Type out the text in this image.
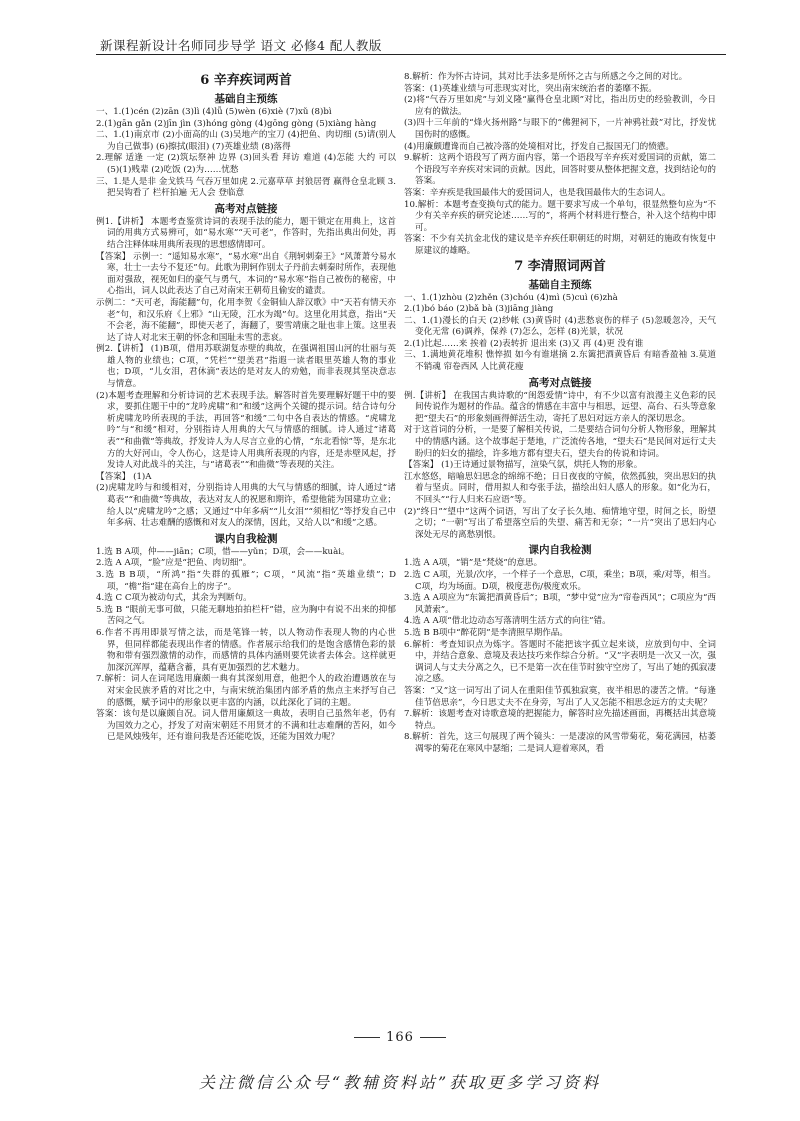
新课程新设计名师同步导学 语文 必修4 配人教版
6 辛弃疾词两首
基础自主预练
一、1.(1)cén (2)zān (3)lì (4)lǚ (5)wèn (6)xiè (7)xǔ (8)bì
2.(1)gān gǎn (2)jīn jìn (3)hóng gòng (4)gōng gòng (5)xiàng hàng
二、1.(1)南京市 (2)小面高的山 (3)吴地产的宝刀 (4)把鱼、肉切细 (5)请(别人为自己做事) (6)擦拭(眼泪) (7)英雄业绩 (8)落得
2.理解 适逢 一定 (2)筑坛祭神 边界 (3)回头看 拜访 难道 (4)怎能 大约 可以 (5)(1)贱辈 (2)吃饭 (2)为……忧愁
三、1.是人是非 金戈铁马 气吞万里如虎 2.元嘉草草 封狼居胥 赢得仓皇北顾 3.把吴钩看了 栏杆拍遍 无人会 登临意
高考对点链接
例1.【讲析】 本题考查鉴赏诗词的表现手法的能力，题干锁定在用典上，这首词的用典方式易辨可，如“易水寒”“天可老”，作答时，先指出典出何处，再结合注释体味用典所表现的思想感情即可。
【答案】 示例一：“遥知易水寒”，“易水寒”出自《荆轲刺秦王》“风萧萧兮易水寒，壮士一去兮不复还”句。此歌为荆轲作别太子丹前去刺秦时所作，表现他面对强敌，视死如归的豪气与勇气，本词的“易水寒”指自己被伤的秘密，中心指出，词人以此表达了自己对南宋王朝苟且偷安的谴责。
示例二：“天可老，海能翻”句，化用李贺《金铜仙人辞汉歌》中“天若有情天亦老”句，和汉乐府《上邪》“山无陵，江水为竭”句。这里化用其意，指出“天不会老，海不能翻”，即使天老了，海翻了，要雪靖康之耻也非上策。这里表达了诗人对北宋王朝的怀念和国耻未雪的悲哀。
例2.【讲析】 (1)B项，借用苏联湖复赤壁的典故，在强调祖国山河的壮丽与英雄人物的业绩也；C项，“凭栏”“望美君”指遐一读者眼里英雄人物的事业也；D项，“儿女泪，君休滴”表达的是对友人的劝勉，而非表现其坚决意志与情意。
(2)本题考查理解和分析诗词的艺术表现手法。解答时首先要理解好题干中的要求，要抓住题干中的“龙吟虎啸”和“和缓”这两个关键的提示词。结合诗句分析虎啸龙吟所表现的手法，再回答“和缓”二句中各自表达的情感。“虎啸龙吟”与“和缓”相对，分别指诗人用典的大气与情感的细腻。诗人通过“诸葛表”“和曲微”等典故，抒发诗人为人尽言立业的心情，“东北看惊”等，是东北方的大好河山，令人伤心，这是诗人用典所表现的内容，还是赤壁风起，抒发诗人对此战斗的关注，与“诸葛表”“和曲微”等表现的关注。
【答案】 (1)A
(2)虎啸龙吟与和缓相对，分别指诗人用典的大气与情感的细腻，诗人通过“诸葛表”“和曲微”等典故，表达对友人的祝愿和期许，希望他能为国建功立业；给人以“虎啸龙吟”之感；又通过“中年多病”“儿女泪”“须相忆”等抒发自己中年多病、壮志难酬的感慨和对友人的深情，因此，又给人以“和缓”之感。
课内自我检测
1.选 B A项，仲——jiān；C项，惜——yǔn；D项，会——kuài。
2.选 A A项，“脸”应是“把鱼、肉切细”。
3.选 B B项，“所鸿”指“失群的孤雁”；C项，“风流”指“英雄业绩”；D项，“檐”指“建在高台上的房子”。
4.选 C C项为被动句式，其余为判断句。
5.选 B “眼前无事可做，只能无聊地拍拍栏杆”错，应为胸中有说不出来的抑郁苦闷之气。
6.作者不再用即景写情之法，而是笔锋一转，以人物动作表现人物的内心世界，但同样都能表现出作者的情感。作者展示给我们的是饱含感情色彩的景物和带有强烈激情的动作，而感情的具体内涵则要凭读者去体会。这样就更加深沉浑厚，蕴藉含蓄，具有更加强烈的艺术魅力。
7.解析：词人在词尾选用廉颇一典有其深刻用意，他把个人的政治遭遇放在与对宋金民族矛盾的对比之中，与南宋统治集团内部矛盾的焦点主来抒写自己的感慨，赋予词中的形象以更丰富的内涵，以此深化了词的主题。
答案：该句是以廉颇自况。词人借用廉颇这一典故，表明自己虽然年老，仍有为国效力之心，抒发了对南宋朝廷不用贤才的不满和壮志难酬的苦闷，如今已是风烛残年，还有谁问我是否还能吃饭，还能为国效力呢？
8.解析：作为怀古诗词，其对比手法多是所怀之古与所感之今之间的对比。
答案：(1)英雄业绩与可悲现实对比，突出南宋统治者的萎靡不振。
(2)将“气吞万里如虎”与刘义隆“赢得仓皇北顾”对比，指出历史的经验教训，今日应有的做法。
(3)四十三年前的“烽火扬州路”与眼下的“佛狸祠下，一片神鸦社鼓”对比，抒发忧国伤时的感慨。
(4)用廉颇遭谗而自己被冷落的处境相对比，抒发自己报国无门的愤懑。
9.解析：这两个语段写了两方面内容，第一个语段写辛弃疾对爱国词的贡献，第二个语段写辛弃疾对宋词的贡献。因此，回答时要从整体把握文意，找到结论句的答案。
答案：辛弃疾是我国最伟大的爱国词人，也是我国最伟大的生态词人。
10.解析：本题考查变换句式的能力。题干要求写成一个单句，很显然整句应为“不少有关辛弃疾的研究论述……写的”，将两个材料进行整合，补入这个结构中即可。
答案：不少有关抗金北伐的建议是辛弃疾任职朝廷的时期，对朝廷的施政有恢复中原建议的雄略。
7 李清照词两首
基础自主预练
一、1.(1)zhòu (2)zhěn (3)chóu (4)mì (5)cuì (6)zhà
2.(1)bó báo (2)bǎ bà (3)jiāng jiàng
二、1.(1)漫长的白天 (2)纱帐 (3)黄昏时 (4)悲愁哀伤的样子 (5)忽暖忽冷，天气变化无常 (6)调养，保养 (7)怎么，怎样 (8)光景，状况
2.(1)比起……来 挨着 (2)表转折 退出来 (3)又 再 (4)更 没有谁
三、1.满地黄花堆积 憔悴损 如今有谁堪摘 2.东篱把酒黄昏后 有暗香盈袖 3.莫道不销魂 帘卷西风 人比黄花瘦
高考对点链接
例.【讲析】 在我国古典诗歌的“闺怨爱情”诗中，有不少以富有浪漫主义色彩的民间传说作为题材的作品。蕴含的情感在丰富中与相思，远望、高台、石头等意象把“望夫石”的形象刻画得鲜活生动，寄托了思妇对远方亲人的深切思念。
对于这首词的分析，一是要了解相关传说，二是要结合词句分析人物形象，理解其中的情感内涵。这个故事起于楚地，广泛流传各地，“望夫石”是民间对远行丈夫盼归的妇女的描绘，许多地方都有望夫石，望夫台的传说和诗词。
【答案】 (1)王诗通过景物描写，渲染气氛，烘托人物的形象。
江水悠悠，暗喻思妇思念的绵绵不绝；日日夜夜的守候，依然孤独，突出思妇的执着与坚贞。同时，借用拟人和夸张手法，描绘出妇人感人的形象。如“化为石，不回头”“行人归来石应语”等。
(2)“终日”“望中”这两个词语，写出了女子长久地、痴情地守望，时间之长，盼望之切；“一朝”写出了希望落空后的失望、痛苦和无奈；“一片”突出了思妇内心深处无尽的离愁别恨。
课内自我检测
1.选 A A项，“销”是“梵烧”的意思。
2.选 C A项，光景/次序，一个样子一个意思，C项，乘坐；B项，乘/对等，相当。C项，均为场面。D项，极度悲伤/极度欢乐。
3.选 A A项应为“东篱把酒黄昏后”；B项，“梦中觉”应为“帘卷西风”；C项应为“西风萧索”。
4.选 A A项“借北边动态写落清明生活方式的向往”错。
5.选 B B项中“醉花阴”是李清照早期作品。
6.解析：考查知识点为炼字。答题时不能把该字孤立起来谈，应放到句中、全词中，并结合意象、意境及表达技巧来作综合分析。“又”字表明是一次又一次，强调词人与丈夫分离之久，已不是第一次在佳节时独守空房了，写出了她的孤寂凄凉之感。
答案：“又”这一词写出了词人在重阳佳节孤独寂寞，夜半相思的凄苦之情。“每逢佳节倍思亲”，今日思丈夫不在身旁，写出了人又怎能不相思念远方的丈夫呢？
7.解析：该题考查对诗歌意境的把握能力，解答时应先描述画面，再概括出其意境特点。
8.解析：首先，这三句展现了两个镜头：一是凄凉的风雪带菊花，菊花满园，枯萎凋零的菊花在寒风中瑟缩；二是词人迎着寒风，看
166
关注微信公众号“教辅资料站”获取更多学习资料
